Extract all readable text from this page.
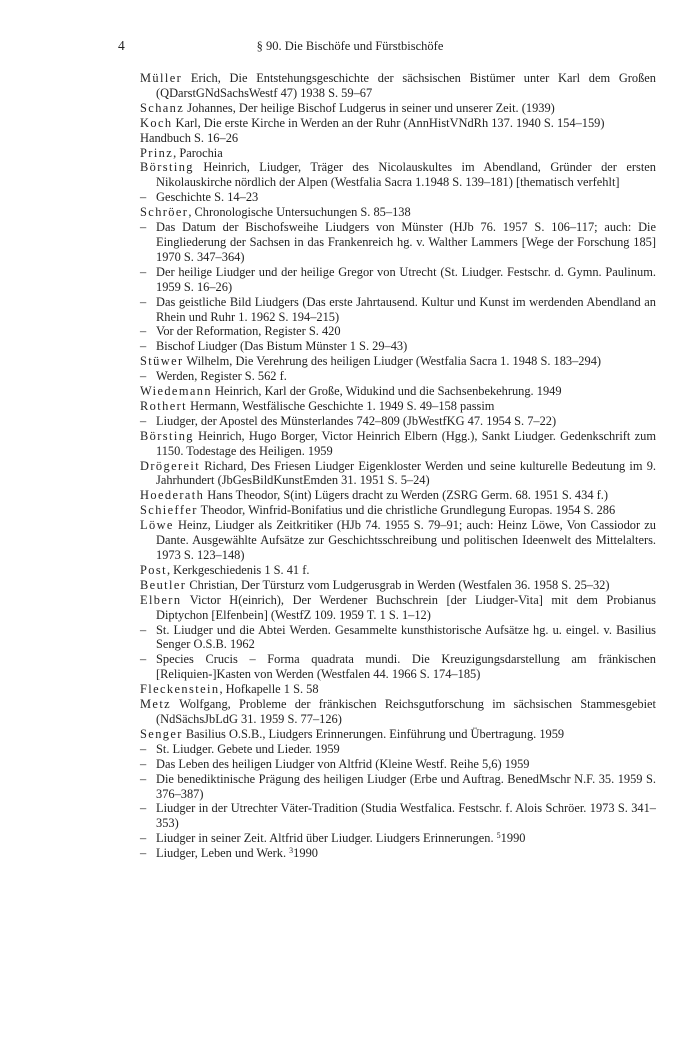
4	§ 90. Die Bischöfe und Fürstbischöfe
Müller Erich, Die Entstehungsgeschichte der sächsischen Bistümer unter Karl dem Großen (QDarstGNdSachsWestf 47) 1938 S. 59–67
Schanz Johannes, Der heilige Bischof Ludgerus in seiner und unserer Zeit. (1939)
Koch Karl, Die erste Kirche in Werden an der Ruhr (AnnHistVNdRh 137. 1940 S. 154–159)
Handbuch S. 16–26
Prinz, Parochia
Börsting Heinrich, Liudger, Träger des Nicolauskultes im Abendland, Gründer der ersten Nikolauskirche nördlich der Alpen (Westfalia Sacra 1.1948 S. 139–181) [thematisch verfehlt]
– Geschichte S. 14–23
Schröer, Chronologische Untersuchungen S. 85–138
– Das Datum der Bischofsweihe Liudgers von Münster (HJb 76. 1957 S. 106–117; auch: Die Eingliederung der Sachsen in das Frankenreich hg. v. Walther Lammers [Wege der Forschung 185] 1970 S. 347–364)
– Der heilige Liudger und der heilige Gregor von Utrecht (St. Liudger. Festschr. d. Gymn. Paulinum. 1959 S. 16–26)
– Das geistliche Bild Liudgers (Das erste Jahrtausend. Kultur und Kunst im werdenden Abendland an Rhein und Ruhr 1. 1962 S. 194–215)
– Vor der Reformation, Register S. 420
– Bischof Liudger (Das Bistum Münster 1 S. 29–43)
Stüwer Wilhelm, Die Verehrung des heiligen Liudger (Westfalia Sacra 1. 1948 S. 183–294)
– Werden, Register S. 562 f.
Wiedemann Heinrich, Karl der Große, Widukind und die Sachsenbekehrung. 1949
Rothert Hermann, Westfälische Geschichte 1. 1949 S. 49–158 passim
– Liudger, der Apostel des Münsterlandes 742–809 (JbWestfKG 47. 1954 S. 7–22)
Börsting Heinrich, Hugo Borger, Victor Heinrich Elbern (Hgg.), Sankt Liudger. Gedenkschrift zum 1150. Todestage des Heiligen. 1959
Drögereit Richard, Des Friesen Liudger Eigenkloster Werden und seine kulturelle Bedeutung im 9. Jahrhundert (JbGesBildKunstEmden 31. 1951 S. 5–24)
Hoederath Hans Theodor, S(int) Lügers dracht zu Werden (ZSRG Germ. 68. 1951 S. 434 f.)
Schieffer Theodor, Winfrid-Bonifatius und die christliche Grundlegung Europas. 1954 S. 286
Löwe Heinz, Liudger als Zeitkritiker (HJb 74. 1955 S. 79–91; auch: Heinz Löwe, Von Cassiodor zu Dante. Ausgewählte Aufsätze zur Geschichtsschreibung und politischen Ideenwelt des Mittelalters. 1973 S. 123–148)
Post, Kerkgeschiedenis 1 S. 41 f.
Beutler Christian, Der Türsturz vom Ludgerusgrab in Werden (Westfalen 36. 1958 S. 25–32)
Elbern Victor H(einrich), Der Werdener Buchschrein [der Liudger-Vita] mit dem Probianus Diptychon [Elfenbein] (WestfZ 109. 1959 T. 1 S. 1–12)
– St. Liudger und die Abtei Werden. Gesammelte kunsthistorische Aufsätze hg. u. eingel. v. Basilius Senger O.S.B. 1962
– Species Crucis – Forma quadrata mundi. Die Kreuzigungsdarstellung am fränkischen [Reliquien-]Kasten von Werden (Westfalen 44. 1966 S. 174–185)
Fleckenstein, Hofkapelle 1 S. 58
Metz Wolfgang, Probleme der fränkischen Reichsgutforschung im sächsischen Stammesgebiet (NdSächsJbLdG 31. 1959 S. 77–126)
Senger Basilius O.S.B., Liudgers Erinnerungen. Einführung und Übertragung. 1959
– St. Liudger. Gebete und Lieder. 1959
– Das Leben des heiligen Liudger von Altfrid (Kleine Westf. Reihe 5,6) 1959
– Die benediktinische Prägung des heiligen Liudger (Erbe und Auftrag. BenedMschr N.F. 35. 1959 S. 376–387)
– Liudger in der Utrechter Väter-Tradition (Studia Westfalica. Festschr. f. Alois Schröer. 1973 S. 341–353)
– Liudger in seiner Zeit. Altfrid über Liudger. Liudgers Erinnerungen. $^5$1990
– Liudger, Leben und Werk. $^3$1990
